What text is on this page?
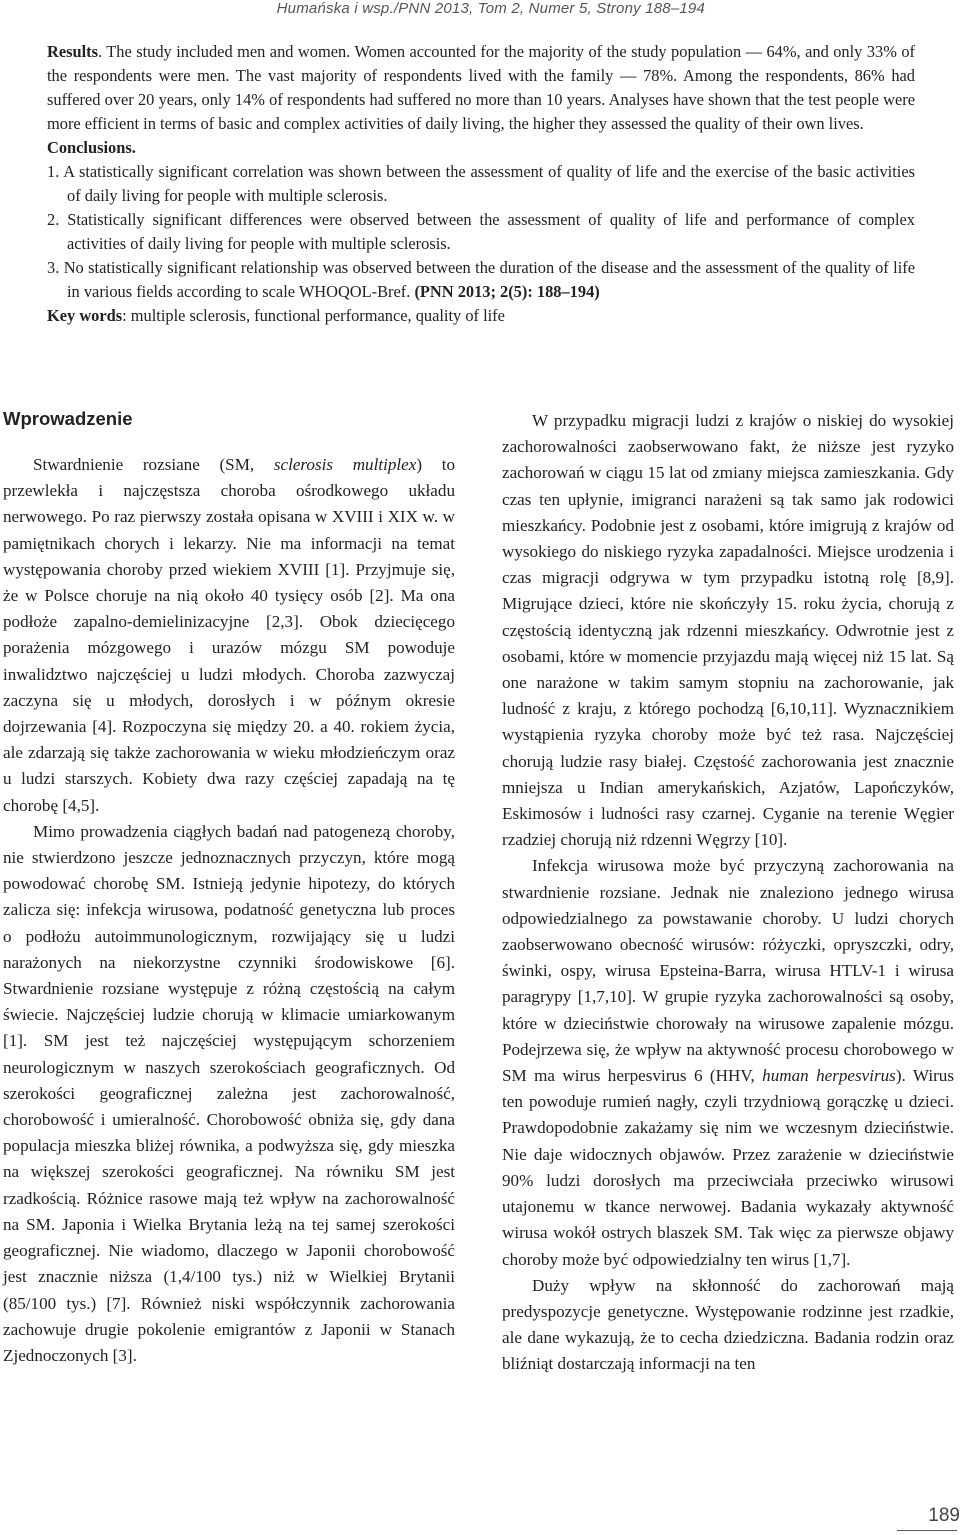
Humańska i wsp./PNN 2013, Tom 2, Numer 5, Strony 188–194

Results. The study included men and women. Women accounted for the majority of the study population — 64%, and only 33% of the respondents were men. The vast majority of respondents lived with the family — 78%. Among the respondents, 86% had suffered over 20 years, only 14% of respondents had suffered no more than 10 years. Analyses have shown that the test people were more efficient in terms of basic and complex activities of daily living, the higher they assessed the quality of their own lives.

Conclusions.

1. A statistically significant correlation was shown between the assessment of quality of life and the exercise of the basic activities of daily living for people with multiple sclerosis.

2. Statistically significant differences were observed between the assessment of quality of life and performance of complex activities of daily living for people with multiple sclerosis.

3. No statistically significant relationship was observed between the duration of the disease and the assessment of the quality of life in various fields according to scale WHOQOL-Bref. (PNN 2013; 2(5): 188–194)

Key words: multiple sclerosis, functional performance, quality of life

Wprowadzenie

Stwardnienie rozsiane (SM, sclerosis multiplex) to przewlekła i najczęstsza choroba ośrodkowego układu nerwowego. Po raz pierwszy została opisana w XVIII i XIX w. w pamiętnikach chorych i lekarzy. Nie ma informacji na temat występowania choroby przed wiekiem XVIII [1]. Przyjmuje się, że w Polsce choruje na nią około 40 tysięcy osób [2]. Ma ona podłoże zapalno-demielinizacyjne [2,3]. Obok dziecięcego porażenia mózgowego i urazów mózgu SM powoduje inwalidztwo najczęściej u ludzi młodych. Choroba zazwyczaj zaczyna się u młodych, dorosłych i w późnym okresie dojrzewania [4]. Rozpoczyna się między 20. a 40. rokiem życia, ale zdarzają się także zachorowania w wieku młodzieńczym oraz u ludzi starszych. Kobiety dwa razy częściej zapadają na tę chorobę [4,5].

Mimo prowadzenia ciągłych badań nad patogenezą choroby, nie stwierdzono jeszcze jednoznacznych przyczyn, które mogą powodować chorobę SM. Istnieją jedynie hipotezy, do których zalicza się: infekcja wirusowa, podatność genetyczna lub proces o podłożu autoimmunologicznym, rozwijający się u ludzi narażonych na niekorzystne czynniki środowiskowe [6]. Stwardnienie rozsiane występuje z różną częstością na całym świecie. Najczęściej ludzie chorują w klimacie umiarkowanym [1]. SM jest też najczęściej występującym schorzeniem neurologicznym w naszych szerokościach geograficznych. Od szerokości geograficznej zależna jest zachorowalność, chorobowość i umieralność. Chorobowość obniża się, gdy dana populacja mieszka bliżej równika, a podwyższa się, gdy mieszka na większej szerokości geograficznej. Na równiku SM jest rzadkością. Różnice rasowe mają też wpływ na zachorowalność na SM. Japonia i Wielka Brytania leżą na tej samej szerokości geograficznej. Nie wiadomo, dlaczego w Japonii chorobowość jest znacznie niższa (1,4/100 tys.) niż w Wielkiej Brytanii (85/100 tys.) [7]. Również niski współczynnik zachorowania zachowuje drugie pokolenie emigrantów z Japonii w Stanach Zjednoczonych [3].

W przypadku migracji ludzi z krajów o niskiej do wysokiej zachorowalności zaobserwowano fakt, że niższe jest ryzyko zachorowań w ciągu 15 lat od zmiany miejsca zamieszkania. Gdy czas ten upłynie, imigranci narażeni są tak samo jak rodowici mieszkańcy. Podobnie jest z osobami, które imigrują z krajów od wysokiego do niskiego ryzyka zapadalności. Miejsce urodzenia i czas migracji odgrywa w tym przypadku istotną rolę [8,9]. Migrujące dzieci, które nie skończyły 15. roku życia, chorują z częstością identyczną jak rdzenni mieszkańcy. Odwrotnie jest z osobami, które w momencie przyjazdu mają więcej niż 15 lat. Są one narażone w takim samym stopniu na zachorowanie, jak ludność z kraju, z którego pochodzą [6,10,11]. Wyznacznikiem wystąpienia ryzyka choroby może być też rasa. Najczęściej chorują ludzie rasy białej. Częstość zachorowania jest znacznie mniejsza u Indian amerykańskich, Azjatów, Lapończyków, Eskimosów i ludności rasy czarnej. Cyganie na terenie Węgier rzadziej chorują niż rdzenni Węgrzy [10].

Infekcja wirusowa może być przyczyną zachorowania na stwardnienie rozsiane. Jednak nie znaleziono jednego wirusa odpowiedzialnego za powstawanie choroby. U ludzi chorych zaobserwowano obecność wirusów: różyczki, opryszczki, odry, świnki, ospy, wirusa Epsteina-Barra, wirusa HTLV-1 i wirusa paragrypy [1,7,10]. W grupie ryzyka zachorowalności są osoby, które w dzieciństwie chorowały na wirusowe zapalenie mózgu. Podejrzewa się, że wpływ na aktywność procesu chorobowego w SM ma wirus herpesvirus 6 (HHV, human herpesvirus). Wirus ten powoduje rumień nagły, czyli trzydniową gorączkę u dzieci. Prawdopodobnie zakażamy się nim we wczesnym dzieciństwie. Nie daje widocznych objawów. Przez zarażenie w dzieciństwie 90% ludzi dorosłych ma przeciwciała przeciwko wirusowi utajonemu w tkance nerwowej. Badania wykazały aktywność wirusa wokół ostrych blaszek SM. Tak więc za pierwsze objawy choroby może być odpowiedzialny ten wirus [1,7].

Duży wpływ na skłonność do zachorowań mają predyspozycje genetyczne. Występowanie rodzinne jest rzadkie, ale dane wykazują, że to cecha dziedziczna. Badania rodzin oraz bliźniąt dostarczają informacji na ten

189
